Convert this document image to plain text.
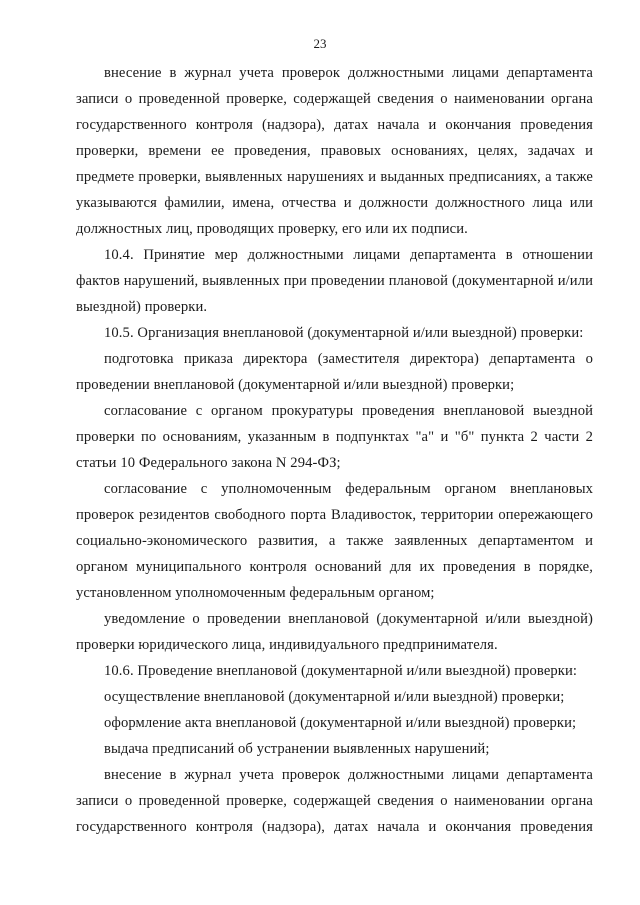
23

внесение в журнал учета проверок должностными лицами департамента записи о проведенной проверке, содержащей сведения о наименовании органа государственного контроля (надзора), датах начала и окончания проведения проверки, времени ее проведения, правовых основаниях, целях, задачах и предмете проверки, выявленных нарушениях и выданных предписаниях, а также указываются фамилии, имена, отчества и должности должностного лица или должностных лиц, проводящих проверку, его или их подписи.

10.4. Принятие мер должностными лицами департамента в отношении фактов нарушений, выявленных при проведении плановой (документарной и/или выездной) проверки.

10.5. Организация внеплановой (документарной и/или выездной) проверки:

подготовка приказа директора (заместителя директора) департамента о проведении внеплановой (документарной и/или выездной) проверки;

согласование с органом прокуратуры проведения внеплановой выездной проверки по основаниям, указанным в подпунктах "а" и "б" пункта 2 части 2 статьи 10 Федерального закона N 294-ФЗ;

согласование с уполномоченным федеральным органом внеплановых проверок резидентов свободного порта Владивосток, территории опережающего социально-экономического развития, а также заявленных департаментом и органом муниципального контроля оснований для их проведения в порядке, установленном уполномоченным федеральным органом;

уведомление о проведении внеплановой (документарной и/или выездной) проверки юридического лица, индивидуального предпринимателя.

10.6. Проведение внеплановой (документарной и/или выездной) проверки:

осуществление внеплановой (документарной и/или выездной) проверки;

оформление акта внеплановой (документарной и/или выездной) проверки;

выдача предписаний об устранении выявленных нарушений;

внесение в журнал учета проверок должностными лицами департамента записи о проведенной проверке, содержащей сведения о наименовании органа государственного контроля (надзора), датах начала и окончания проведения
